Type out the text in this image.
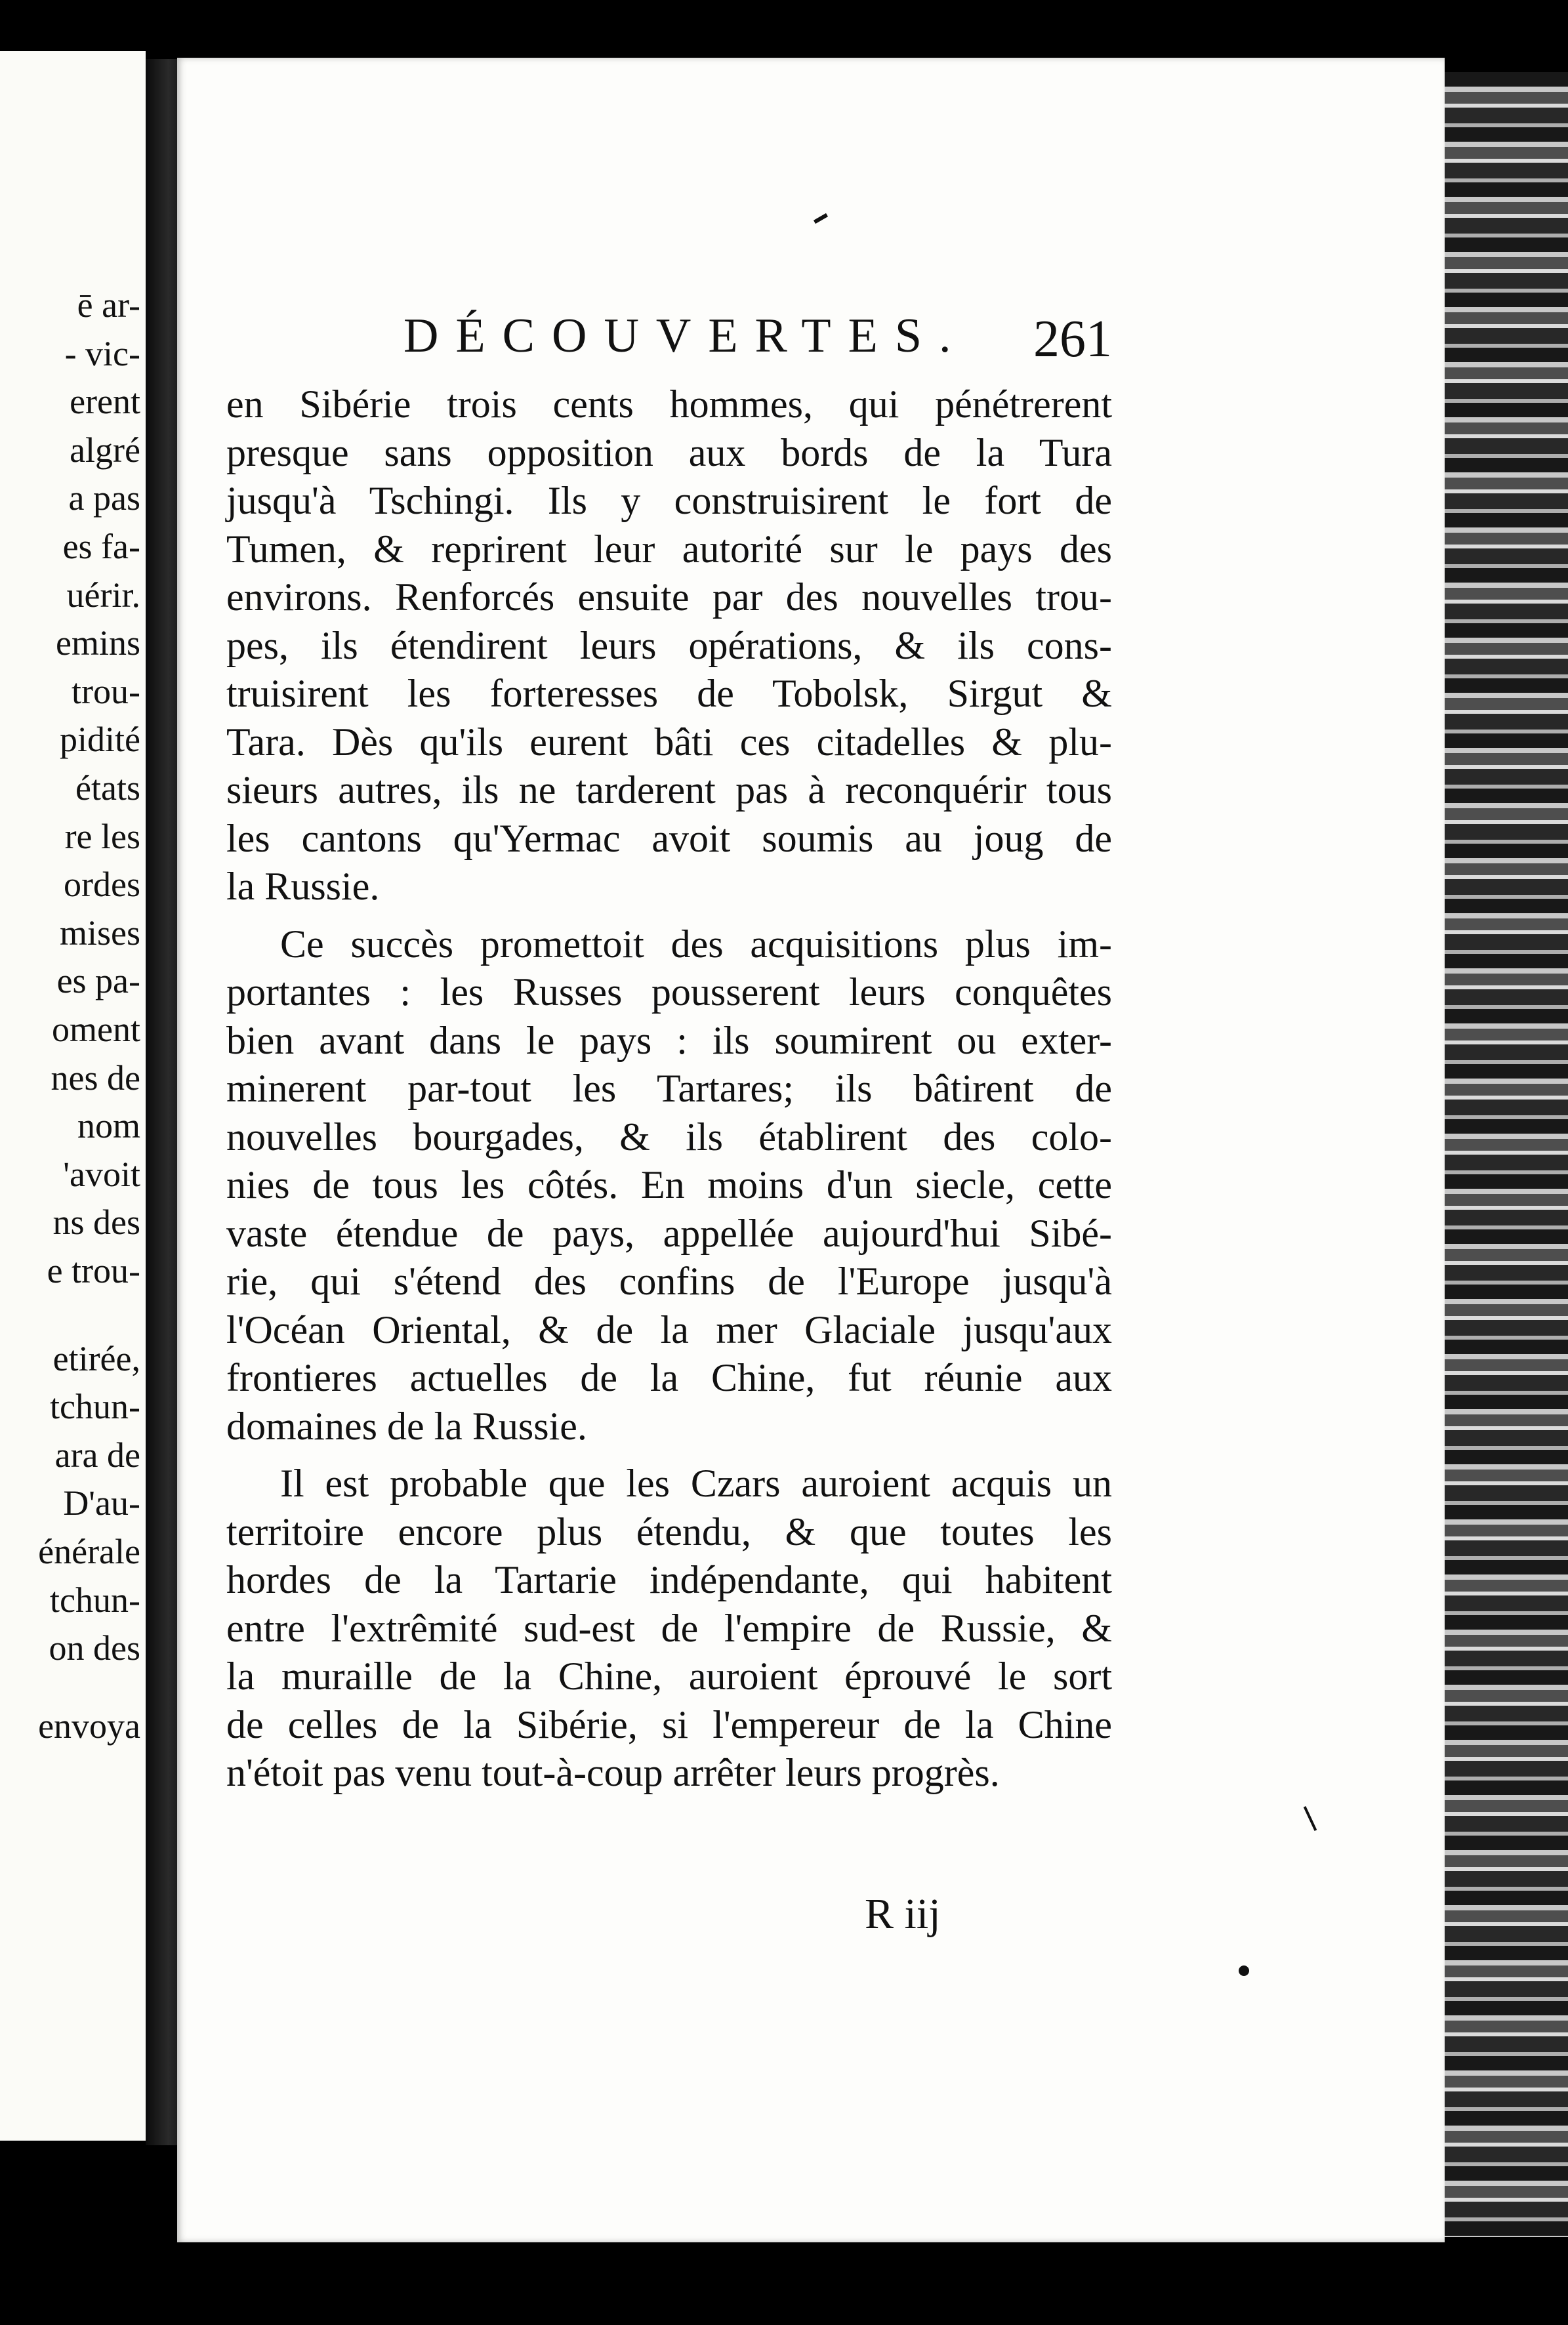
ē ar-
- vic-
erent
algré
a pas
es fa-
uérir.
emins
trou-
pidité
états
re les
ordes
mises
es pa-
oment
nes de
nom
'avoit
ns des
e trou-
etirée,
tchun-
ara de
D'au-
énérale
tchun-
on des
envoya
DÉCOUVERTES. 261
en Sibérie trois cents hommes, qui pénétrerent
presque sans opposition aux bords de la Tura
jusqu'à Tschingi. Ils y construisirent le fort de
Tumen, & reprirent leur autorité sur le pays des
environs. Renforcés ensuite par des nouvelles trou-
pes, ils étendirent leurs opérations, & ils cons-
truisirent les forteresses de Tobolsk, Sirgut &
Tara. Dès qu'ils eurent bâti ces citadelles & plu-
sieurs autres, ils ne tarderent pas à reconquérir tous
les cantons qu'Yermac avoit soumis au joug de
la Russie.
Ce succès promettoit des acquisitions plus im-
portantes : les Russes pousserent leurs conquêtes
bien avant dans le pays : ils soumirent ou exter-
minerent par-tout les Tartares; ils bâtirent de
nouvelles bourgades, & ils établirent des colo-
nies de tous les côtés. En moins d'un siecle, cette
vaste étendue de pays, appellée aujourd'hui Sibé-
rie, qui s'étend des confins de l'Europe jusqu'à
l'Océan Oriental, & de la mer Glaciale jusqu'aux
frontieres actuelles de la Chine, fut réunie aux
domaines de la Russie.
Il est probable que les Czars auroient acquis un
territoire encore plus étendu, & que toutes les
hordes de la Tartarie indépendante, qui habitent
entre l'extrêmité sud-est de l'empire de Russie, &
la muraille de la Chine, auroient éprouvé le sort
de celles de la Sibérie, si l'empereur de la Chine
n'étoit pas venu tout-à-coup arrêter leurs progrès.
R iij
